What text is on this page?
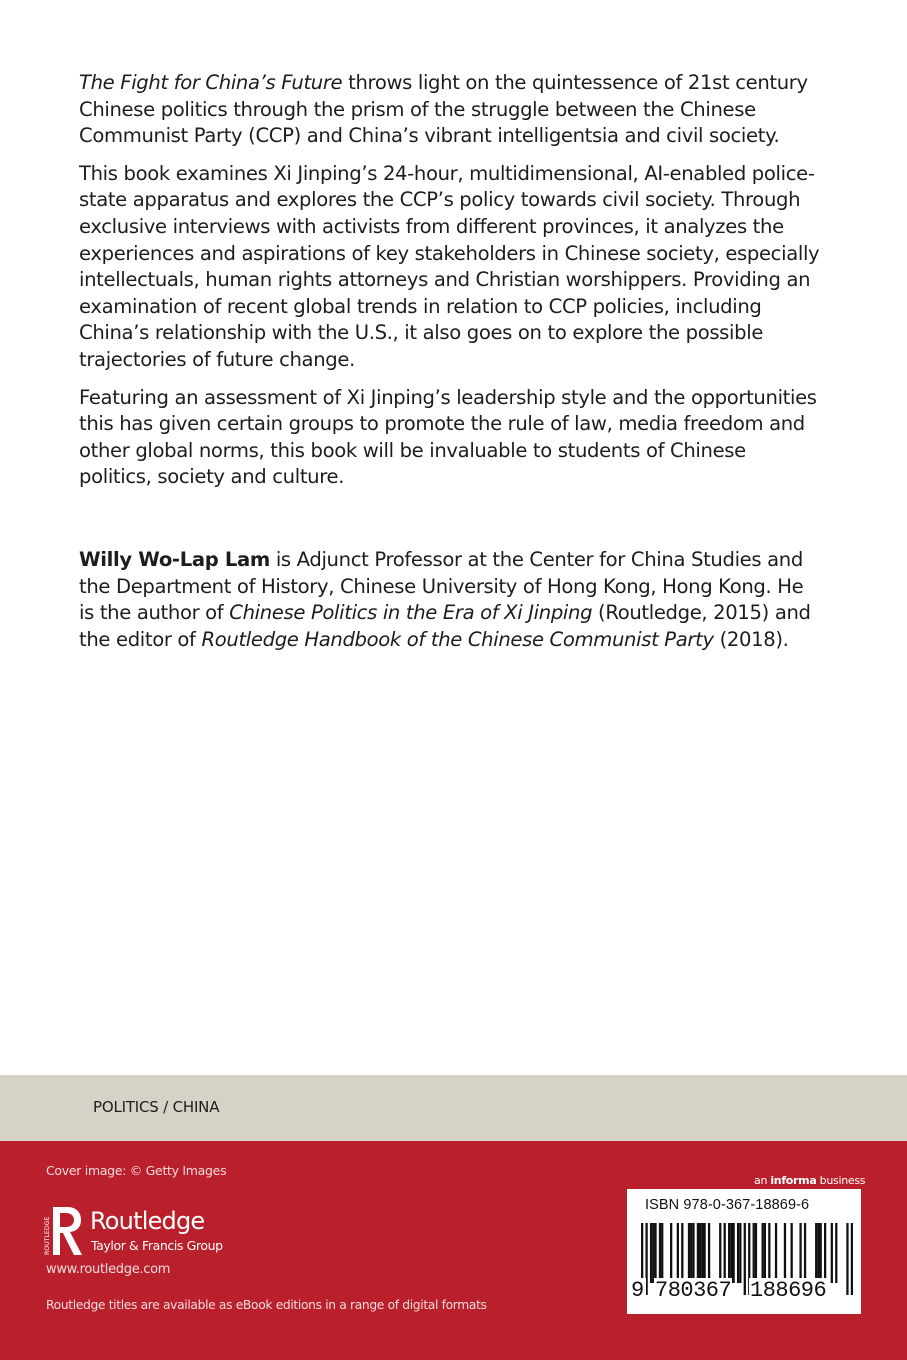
The Fight for China’s Future throws light on the quintessence of 21st century Chinese politics through the prism of the struggle between the Chinese Communist Party (CCP) and China’s vibrant intelligentsia and civil society.

This book examines Xi Jinping’s 24-hour, multidimensional, AI-enabled police-state apparatus and explores the CCP’s policy towards civil society. Through exclusive interviews with activists from different provinces, it analyzes the experiences and aspirations of key stakeholders in Chinese society, especially intellectuals, human rights attorneys and Christian worshippers. Providing an examination of recent global trends in relation to CCP policies, including China’s relationship with the U.S., it also goes on to explore the possible trajectories of future change.

Featuring an assessment of Xi Jinping’s leadership style and the opportunities this has given certain groups to promote the rule of law, media freedom and other global norms, this book will be invaluable to students of Chinese politics, society and culture.

Willy Wo-Lap Lam is Adjunct Professor at the Center for China Studies and the Department of History, Chinese University of Hong Kong, Hong Kong. He is the author of Chinese Politics in the Era of Xi Jinping (Routledge, 2015) and the editor of Routledge Handbook of the Chinese Communist Party (2018).

POLITICS / CHINA
Cover image: © Getty Images
ROUTLEDGE Routledge
Taylor & Francis Group
www.routledge.com
Routledge titles are available as eBook editions in a range of digital formats
an informa business
ISBN 978-0-367-18869-6
9 780367 188696
